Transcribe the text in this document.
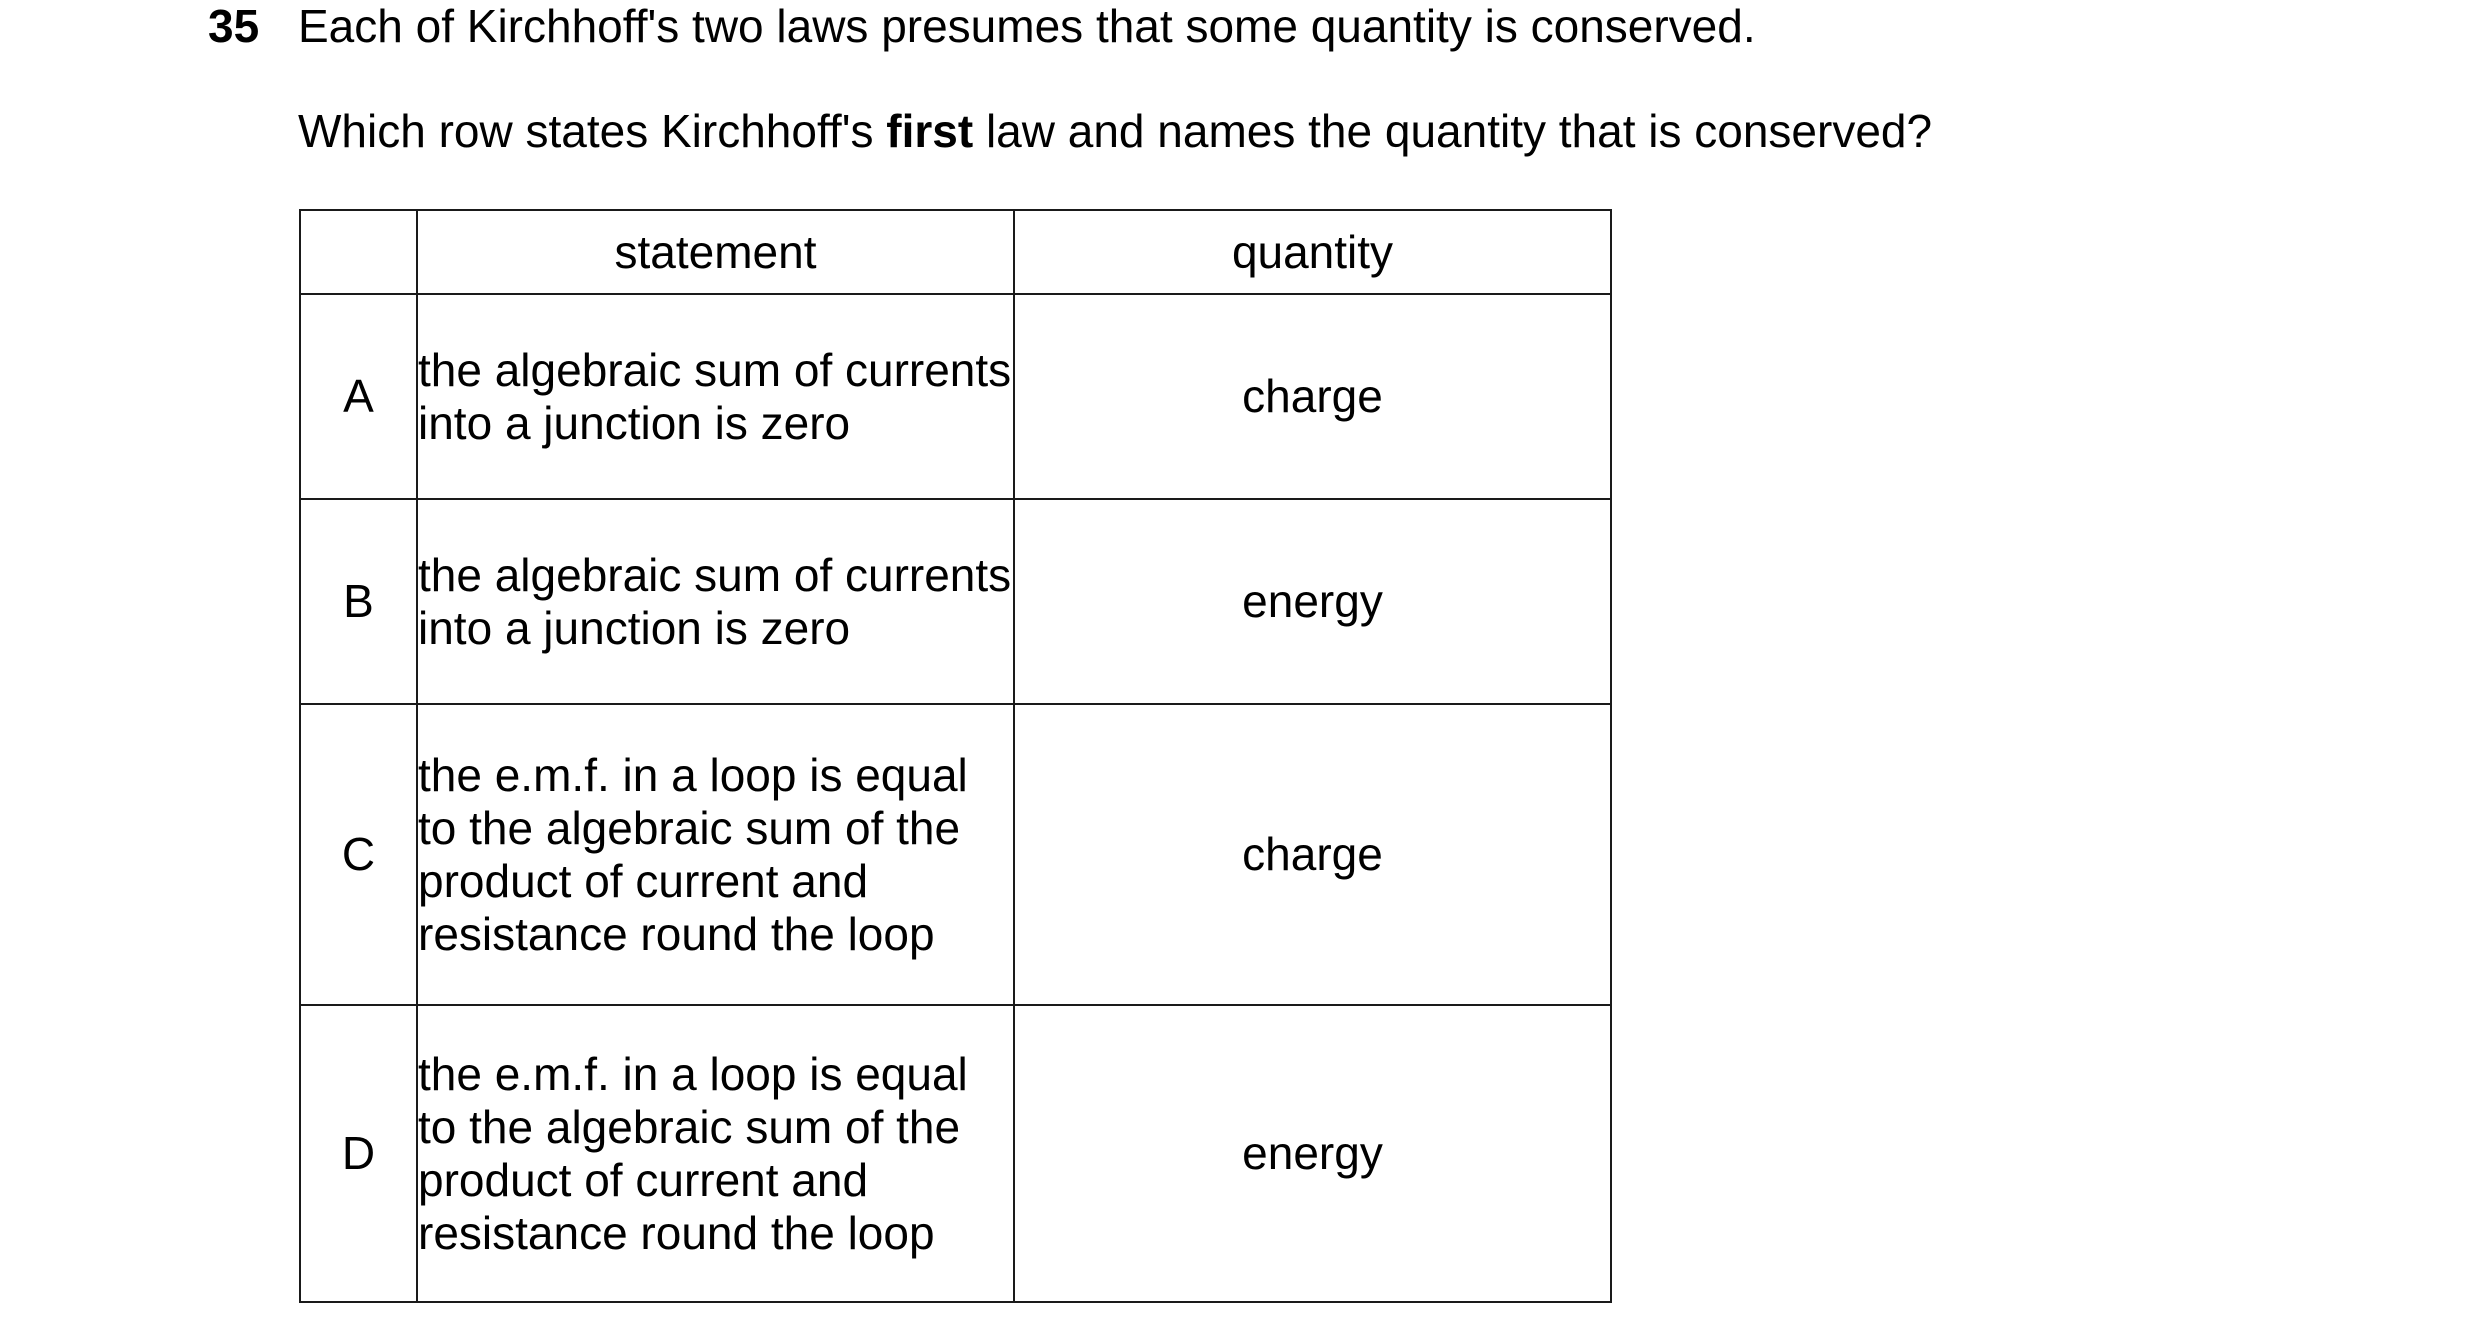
35 Each of Kirchhoff's two laws presumes that some quantity is conserved.
Which row states Kirchhoff's first law and names the quantity that is conserved?
	statement	quantity
A	the algebraic sum of currents into a junction is zero	charge
B	the algebraic sum of currents into a junction is zero	energy
C	the e.m.f. in a loop is equal to the algebraic sum of the product of current and resistance round the loop	charge
D	the e.m.f. in a loop is equal to the algebraic sum of the product of current and resistance round the loop	energy
